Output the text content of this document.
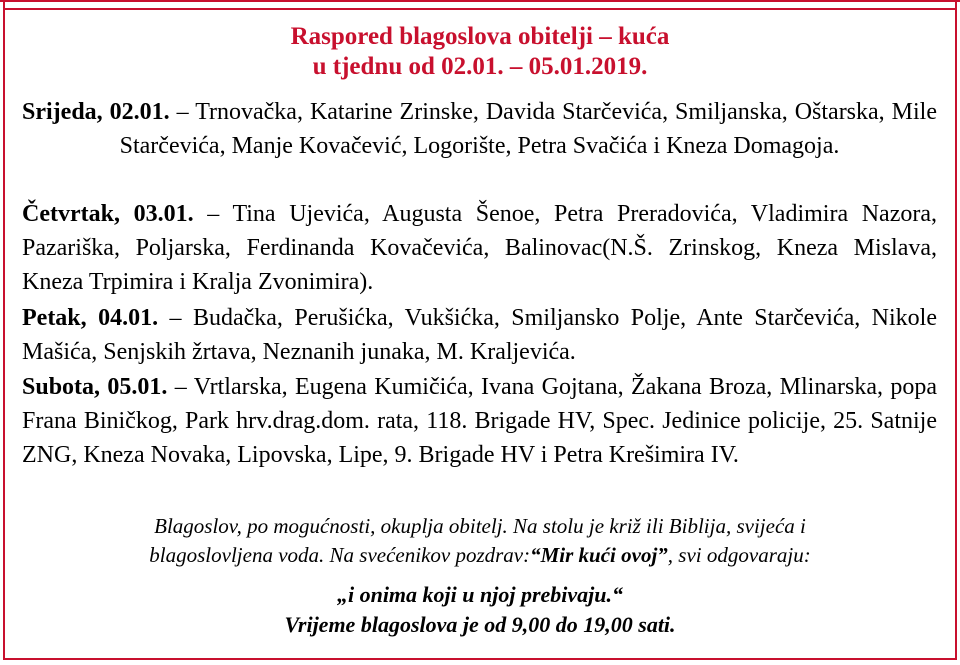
Raspored blagoslova obitelji – kuća
u tjednu od 02.01. – 05.01.2019.
Srijeda, 02.01. – Trnovačka, Katarine Zrinske, Davida Starčevića, Smiljanska, Oštarska, Mile Starčevića, Manje Kovačević, Logorište, Petra Svačića i Kneza Domagoja.
Četvrtak, 03.01. – Tina Ujevića, Augusta Šenoe, Petra Preradovića, Vladimira Nazora, Pazariška, Poljarska, Ferdinanda Kovačevića, Balinovac(N.Š. Zrinskog, Kneza Mislava, Kneza Trpimira i Kralja Zvonimira).
Petak, 04.01. – Budačka, Perušićka, Vukšićka, Smiljansko Polje, Ante Starčevića, Nikole Mašića, Senjskih žrtava, Neznanih junaka, M. Kraljevića.
Subota, 05.01. – Vrtlarska, Eugena Kumičića, Ivana Gojtana, Žakana Broza, Mlinarska, popa Frana Biničkog, Park hrv.drag.dom. rata, 118. Brigade HV, Spec. Jedinice policije, 25. Satnije ZNG, Kneza Novaka, Lipovska, Lipe, 9. Brigade HV i Petra Krešimira IV.
Blagoslov, po mogućnosti, okuplja obitelj. Na stolu je križ ili Biblija, svijeća i
blagoslovljena voda. Na svećenikov pozdrav:“Mir kući ovoj”, svi odgovaraju:
„i onima koji u njoj prebivaju.“
Vrijeme blagoslova je od 9,00 do 19,00 sati.
